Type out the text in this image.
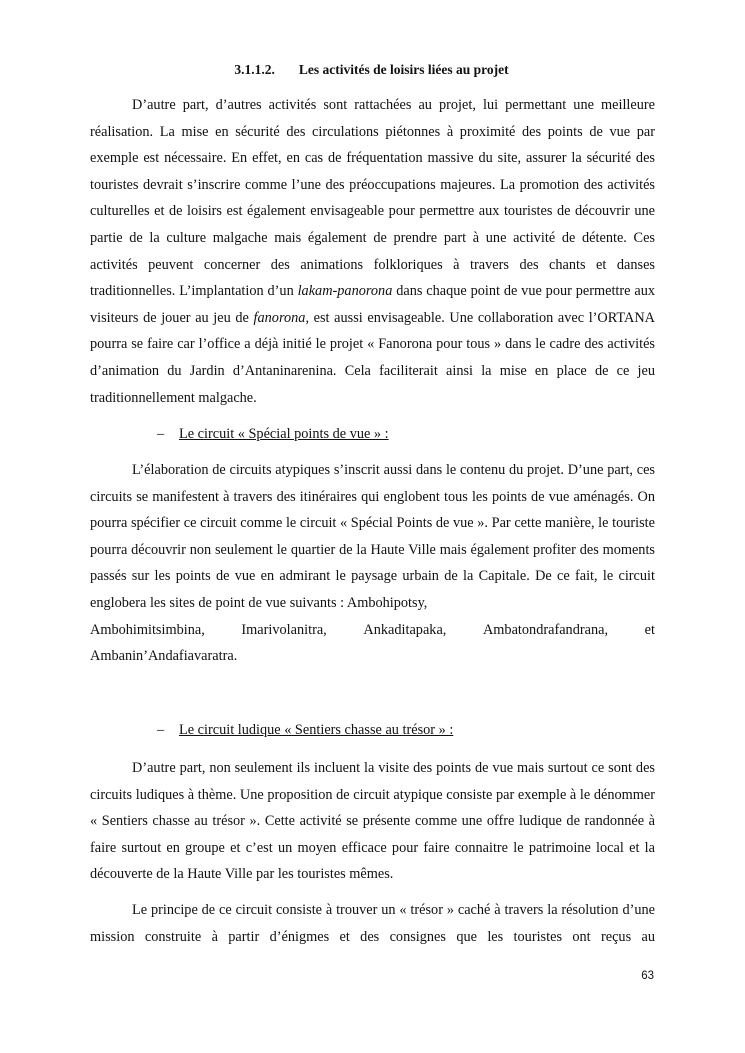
3.1.1.2. Les activités de loisirs liées au projet

D’autre part, d’autres activités sont rattachées au projet, lui permettant une meilleure réalisation. La mise en sécurité des circulations piétonnes à proximité des points de vue par exemple est nécessaire. En effet, en cas de fréquentation massive du site, assurer la sécurité des touristes devrait s’inscrire comme l’une des préoccupations majeures. La promotion des activités culturelles et de loisirs est également envisageable pour permettre aux touristes de découvrir une partie de la culture malgache mais également de prendre part à une activité de détente. Ces activités peuvent concerner des animations folkloriques à travers des chants et danses traditionnelles. L’implantation d’un lakam-panorona dans chaque point de vue pour permettre aux visiteurs de jouer au jeu de fanorona, est aussi envisageable. Une collaboration avec l’ORTANA pourra se faire car l’office a déjà initié le projet « Fanorona pour tous » dans le cadre des activités d’animation du Jardin d’Antaninarenina. Cela faciliterait ainsi la mise en place de ce jeu traditionnellement malgache.

– Le circuit « Spécial points de vue » :

L’élaboration de circuits atypiques s’inscrit aussi dans le contenu du projet. D’une part, ces circuits se manifestent à travers des itinéraires qui englobent tous les points de vue aménagés. On pourra spécifier ce circuit comme le circuit « Spécial Points de vue ». Par cette manière, le touriste pourra découvrir non seulement le quartier de la Haute Ville mais également profiter des moments passés sur les points de vue en admirant le paysage urbain de la Capitale. De ce fait, le circuit englobera les sites de point de vue suivants : Ambohipotsy,

Ambohimitsimbina,	Imarivolanitra,	Ankaditapaka,	Ambatondrafandrana,	et
Ambanin’Andafiavaratra.
– Le circuit ludique « Sentiers chasse au trésor » :

D’autre part, non seulement ils incluent la visite des points de vue mais surtout ce sont des circuits ludiques à thème. Une proposition de circuit atypique consiste par exemple à le dénommer « Sentiers chasse au trésor ». Cette activité se présente comme une offre ludique de randonnée à faire surtout en groupe et c’est un moyen efficace pour faire connaitre le patrimoine local et la découverte de la Haute Ville par les touristes mêmes.

Le principe de ce circuit consiste à trouver un « trésor » caché à travers la résolution d’une mission construite à partir d’énigmes et des consignes que les touristes ont reçus au

63
